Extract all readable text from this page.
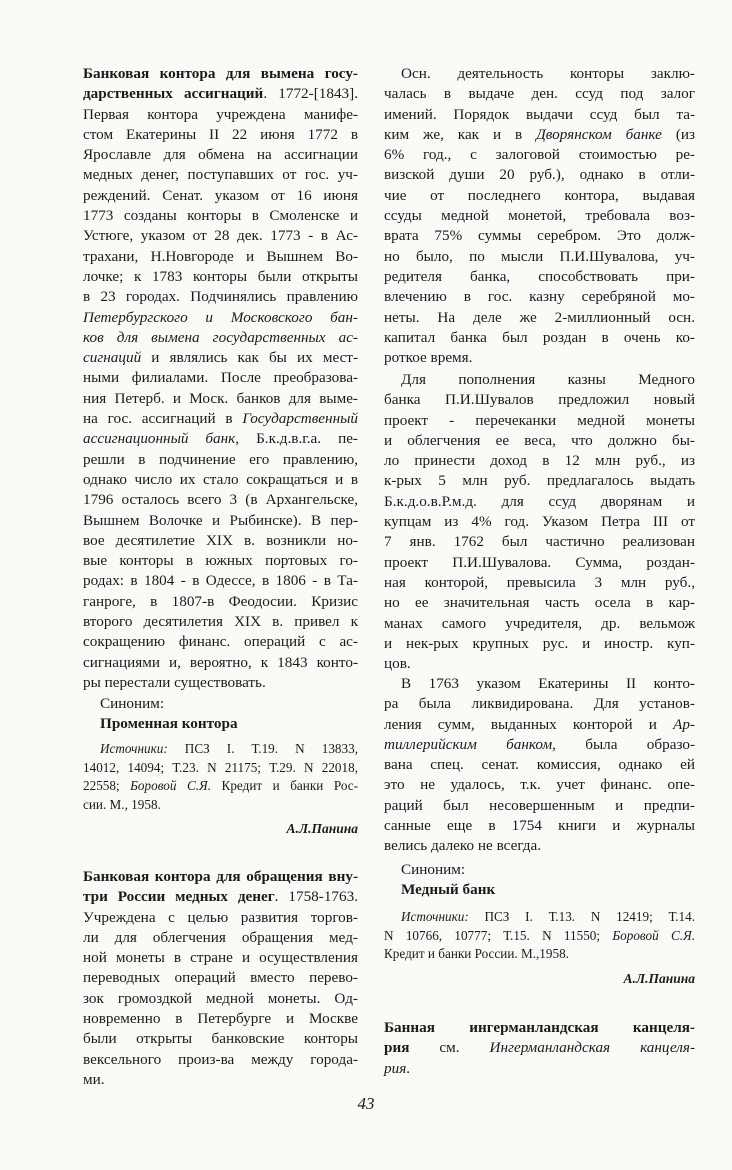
Банковая контора для вымена госу-
дарственных ассигнаций. 1772-[1843].
Первая контора учреждена манифе-
стом Екатерины II 22 июня 1772 в
Ярославле для обмена на ассигнации
медных денег, поступавших от гос. уч-
реждений. Сенат. указом от 16 июня
1773 созданы конторы в Смоленске и
Устюге, указом от 28 дек. 1773 - в Ас-
трахани, Н.Новгороде и Вышнем Во-
лочке; к 1783 конторы были открыты
в 23 городах. Подчинялись правлению
Петербургского и Московского бан-
ков для вымена государственных ас-
сигнаций и являлись как бы их мест-
ными филиалами. После преобразова-
ния Петерб. и Моск. банков для выме-
на гос. ассигнаций в Государственный
ассигнационный банк, Б.к.д.в.г.а. пе-
решли в подчинение его правлению,
однако число их стало сокращаться и в
1796 осталось всего 3 (в Архангельске,
Вышнем Волочке и Рыбинске). В пер-
вое десятилетие XIX в. возникли но-
вые конторы в южных портовых го-
родах: в 1804 - в Одессе, в 1806 - в Та-
ганроге, в 1807-в Феодосии. Кризис
второго десятилетия XIX в. привел к
сокращению финанс. операций с ас-
сигнациями и, вероятно, к 1843 конто-
ры перестали существовать.
Синоним:
Променная контора
Источники: ПСЗ I. Т.19. N 13833,
14012, 14094; Т.23. N 21175; Т.29. N 22018,
22558; Боровой С.Я. Кредит и банки Рос-
сии. М., 1958.
А.Л.Панина
Банковая контора для обращения вну-
три России медных денег. 1758-1763.
Учреждена с целью развития торгов-
ли для облегчения обращения мед-
ной монеты в стране и осуществления
переводных операций вместо перево-
зок громоздкой медной монеты. Од-
новременно в Петербурге и Москве
были открыты банковские конторы
вексельного произ-ва между города-
ми.
Осн. деятельность конторы заклю-
чалась в выдаче ден. ссуд под залог
имений. Порядок выдачи ссуд был та-
ким же, как и в Дворянском банке (из
6% год., с залоговой стоимостью ре-
визской души 20 руб.), однако в отли-
чие от последнего контора, выдавая
ссуды медной монетой, требовала воз-
врата 75% суммы серебром. Это долж-
но было, по мысли П.И.Шувалова, уч-
редителя банка, способствовать при-
влечению в гос. казну серебряной мо-
неты. На деле же 2-миллионный осн.
капитал банка был роздан в очень ко-
роткое время.
Для пополнения казны Медного
банка П.И.Шувалов предложил новый
проект - перечеканки медной монеты
и облегчения ее веса, что должно бы-
ло принести доход в 12 млн руб., из
к-рых 5 млн руб. предлагалось выдать
Б.к.д.о.в.Р.м.д. для ссуд дворянам и
купцам из 4% год. Указом Петра III от
7 янв. 1762 был частично реализован
проект П.И.Шувалова. Сумма, роздан-
ная конторой, превысила 3 млн руб.,
но ее значительная часть осела в кар-
манах самого учредителя, др. вельмож
и нек-рых крупных рус. и иностр. куп-
цов.
В 1763 указом Екатерины II конто-
ра была ликвидирована. Для установ-
ления сумм, выданных конторой и Ар-
тиллерийским банком, была образо-
вана спец. сенат. комиссия, однако ей
это не удалось, т.к. учет финанс. опе-
раций был несовершенным и предпи-
санные еще в 1754 книги и журналы
велись далеко не всегда.
Синоним:
Медный банк
Источники: ПСЗ I. Т.13. N 12419; Т.14.
N 10766, 10777; Т.15. N 11550; Боровой С.Я.
Кредит и банки России. М.,1958.
А.Л.Панина
Банная ингерманландская канцеля-
рия см. Ингерманландская канцеля-
рия.
43
